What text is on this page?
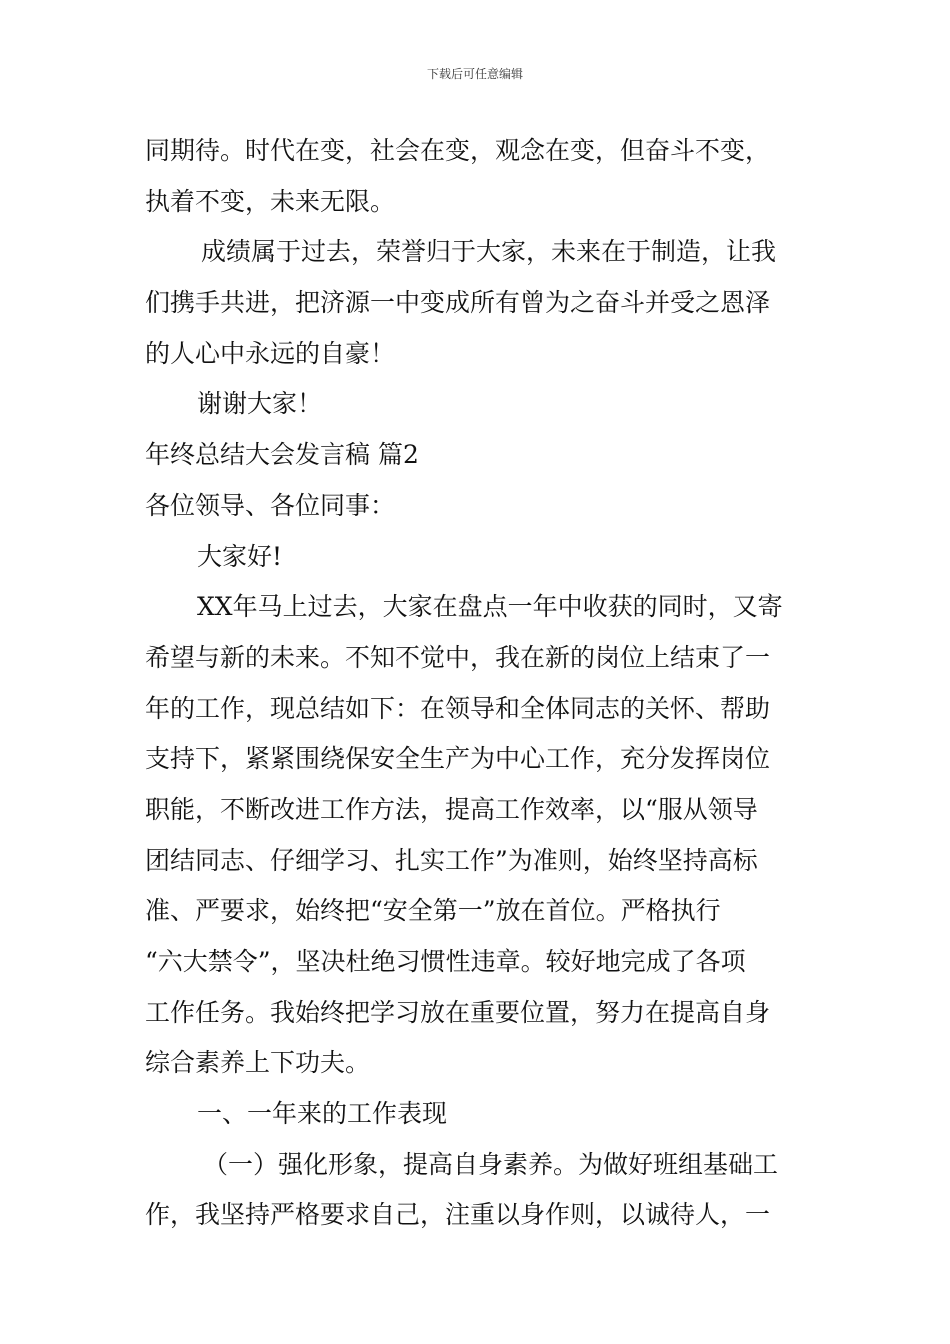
下载后可任意编辑
同期待。时代在变，社会在变，观念在变，但奋斗不变，
执着不变，未来无限。
成绩属于过去，荣誉归于大家，未来在于制造，让我
们携手共进，把济源一中变成所有曾为之奋斗并受之恩泽
的人心中永远的自豪！
谢谢大家！
年终总结大会发言稿 篇2
各位领导、各位同事：
大家好!
XX年马上过去，大家在盘点一年中收获的同时，又寄
希望与新的未来。不知不觉中，我在新的岗位上结束了一
年的工作，现总结如下：在领导和全体同志的关怀、帮助
支持下，紧紧围绕保安全生产为中心工作，充分发挥岗位
职能，不断改进工作方法，提高工作效率，以“服从领导
团结同志、仔细学习、扎实工作”为准则，始终坚持高标
准、严要求，始终把“安全第一”放在首位。严格执行
“六大禁令”，坚决杜绝习惯性违章。较好地完成了各项
工作任务。我始终把学习放在重要位置，努力在提高自身
综合素养上下功夫。
一、一年来的工作表现
（一）强化形象，提高自身素养。为做好班组基础工
作，我坚持严格要求自己，注重以身作则，以诚待人，一
